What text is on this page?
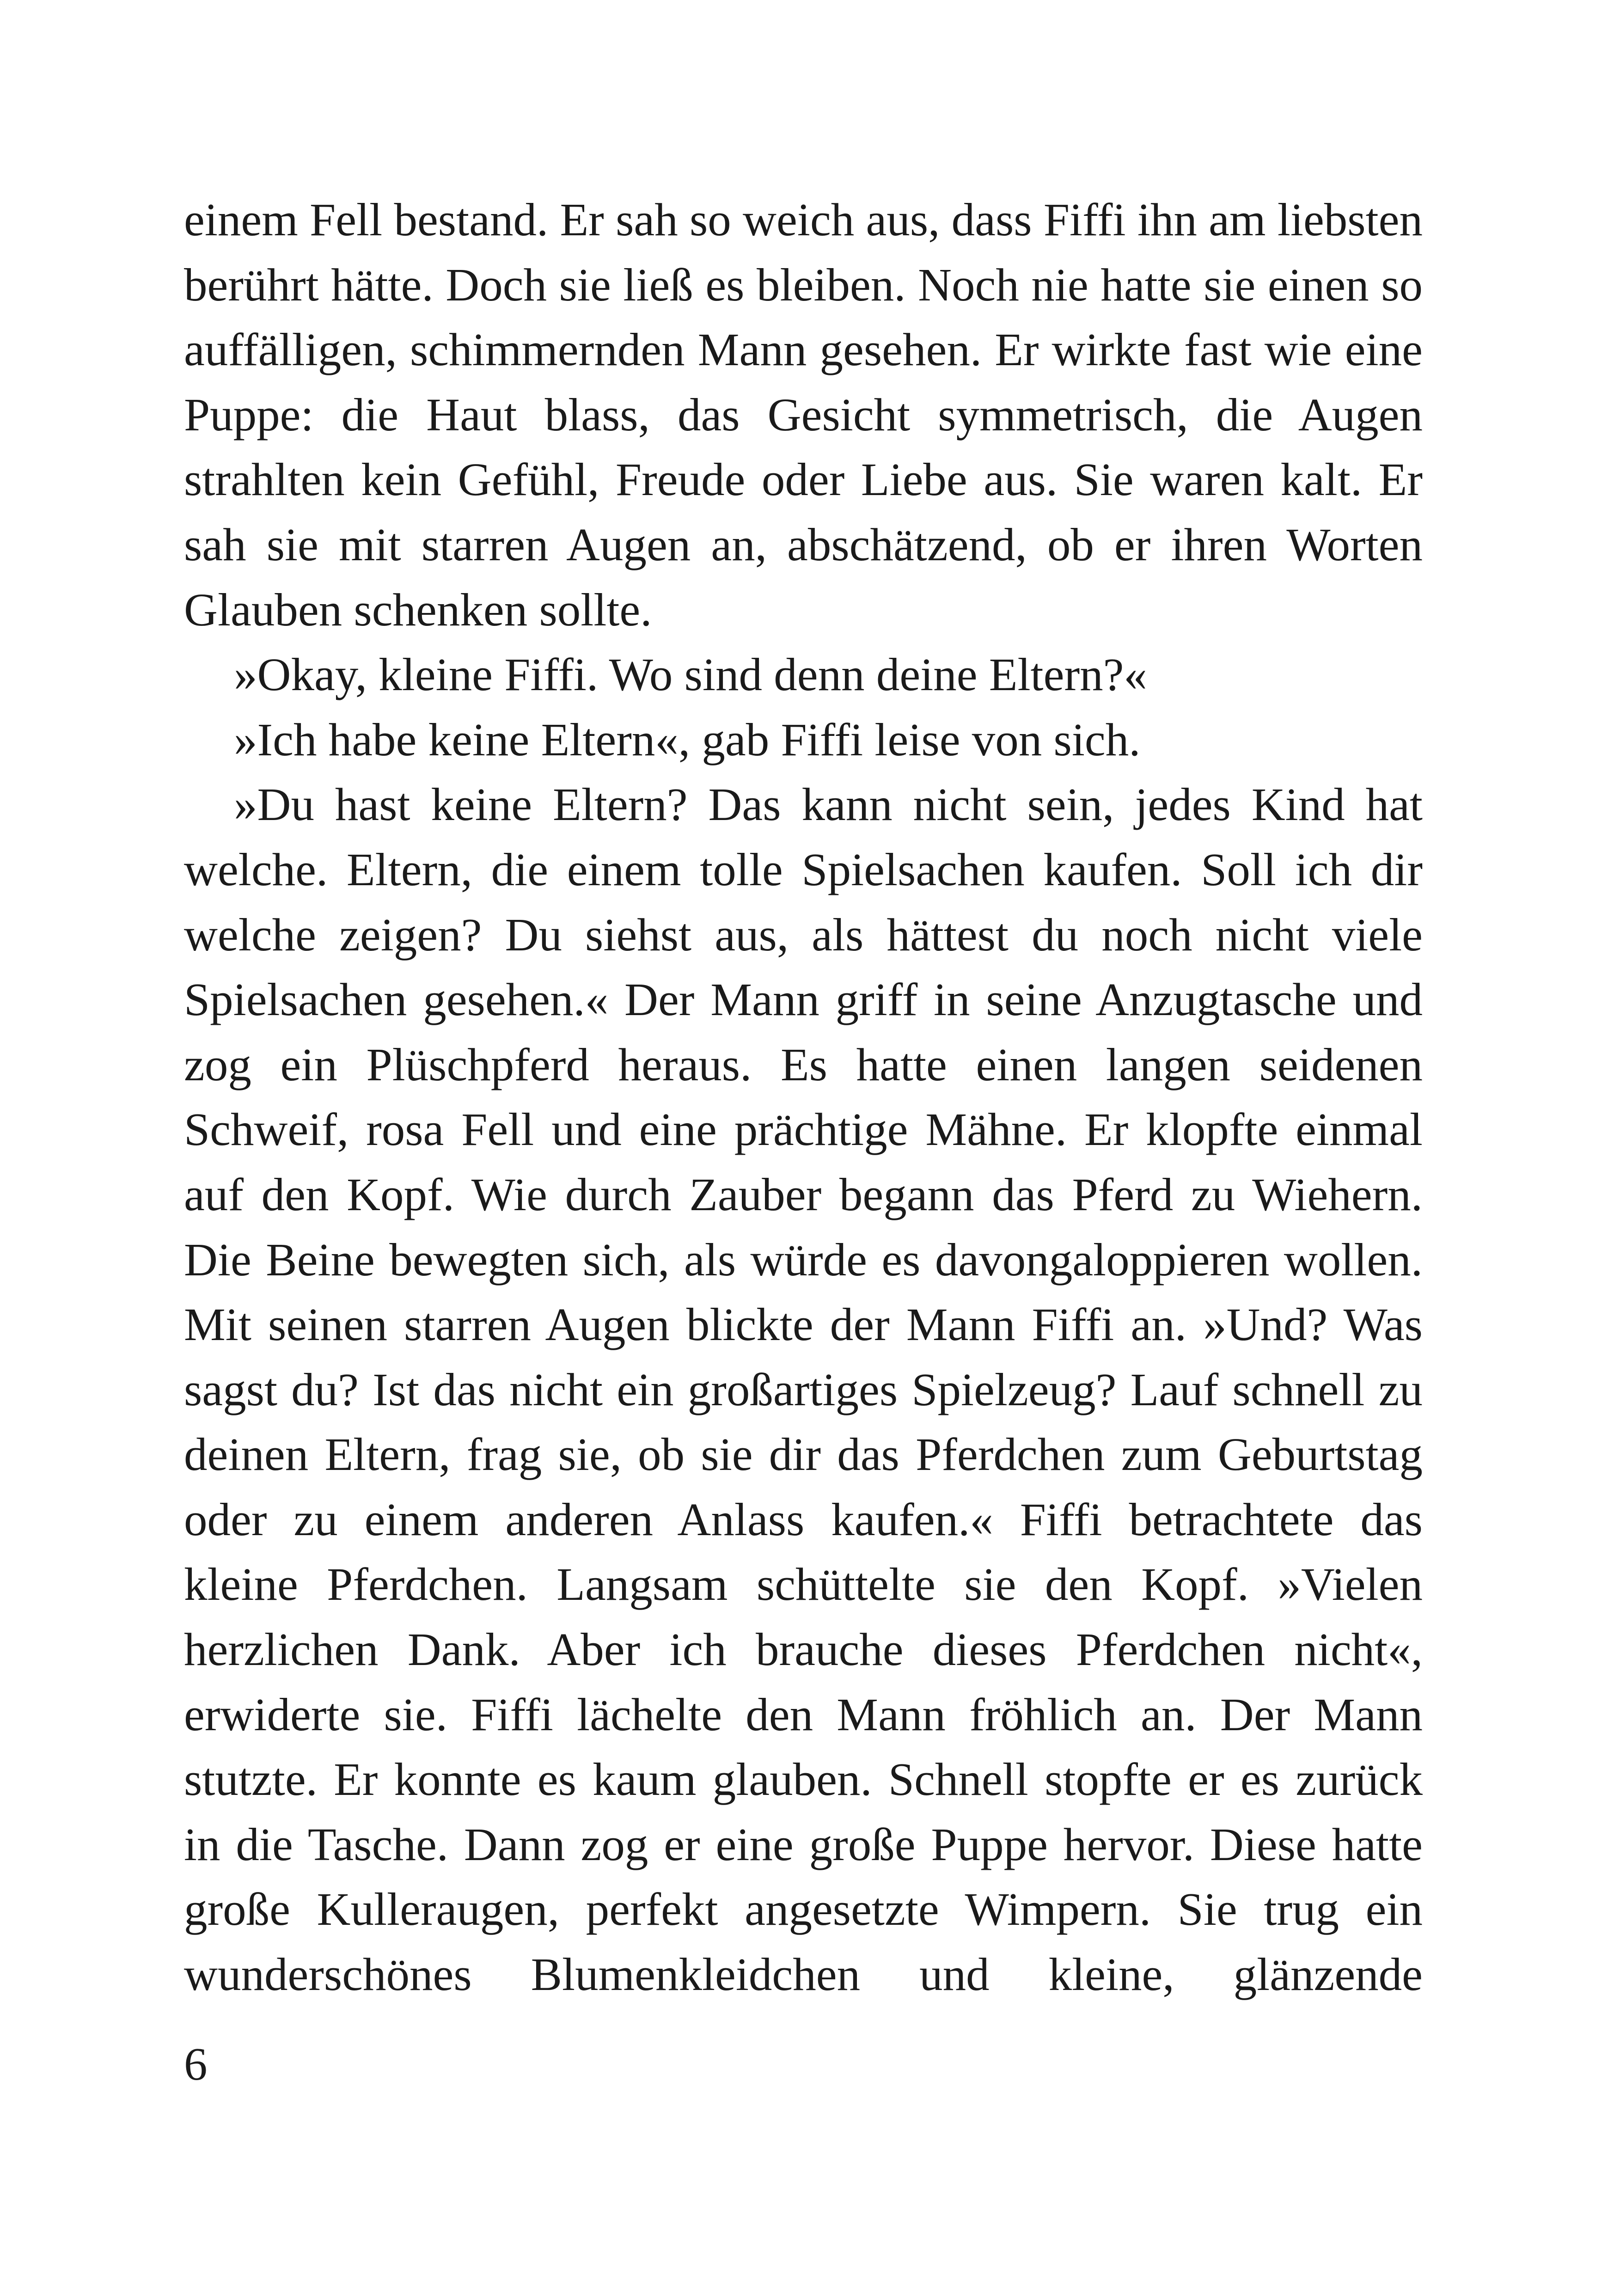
einem Fell bestand. Er sah so weich aus, dass Fiffi ihn am liebsten berührt hätte. Doch sie ließ es bleiben. Noch nie hatte sie einen so auffälligen, schimmernden Mann gesehen. Er wirkte fast wie eine Puppe: die Haut blass, das Gesicht symmetrisch, die Augen strahlten kein Gefühl, Freude oder Liebe aus. Sie waren kalt. Er sah sie mit starren Augen an, abschätzend, ob er ihren Worten Glauben schenken sollte.

»Okay, kleine Fiffi. Wo sind denn deine Eltern?«

»Ich habe keine Eltern«, gab Fiffi leise von sich.

»Du hast keine Eltern? Das kann nicht sein, jedes Kind hat welche. Eltern, die einem tolle Spielsachen kaufen. Soll ich dir welche zeigen? Du siehst aus, als hättest du noch nicht viele Spielsachen gesehen.« Der Mann griff in seine Anzugtasche und zog ein Plüschpferd heraus. Es hatte einen langen seidenen Schweif, rosa Fell und eine prächtige Mähne. Er klopfte einmal auf den Kopf. Wie durch Zauber begann das Pferd zu Wiehern. Die Beine bewegten sich, als würde es davongaloppieren wollen. Mit seinen starren Augen blickte der Mann Fiffi an. »Und? Was sagst du? Ist das nicht ein großartiges Spielzeug? Lauf schnell zu deinen Eltern, frag sie, ob sie dir das Pferdchen zum Geburtstag oder zu einem anderen Anlass kaufen.« Fiffi betrachtete das kleine Pferdchen. Langsam schüttelte sie den Kopf. »Vielen herzlichen Dank. Aber ich brauche dieses Pferdchen nicht«, erwiderte sie. Fiffi lächelte den Mann fröhlich an. Der Mann stutzte. Er konnte es kaum glauben. Schnell stopfte er es zurück in die Tasche. Dann zog er eine große Puppe hervor. Diese hatte große Kulleraugen, perfekt angesetzte Wimpern. Sie trug ein wunderschönes Blumenkleidchen und kleine, glänzende

6
